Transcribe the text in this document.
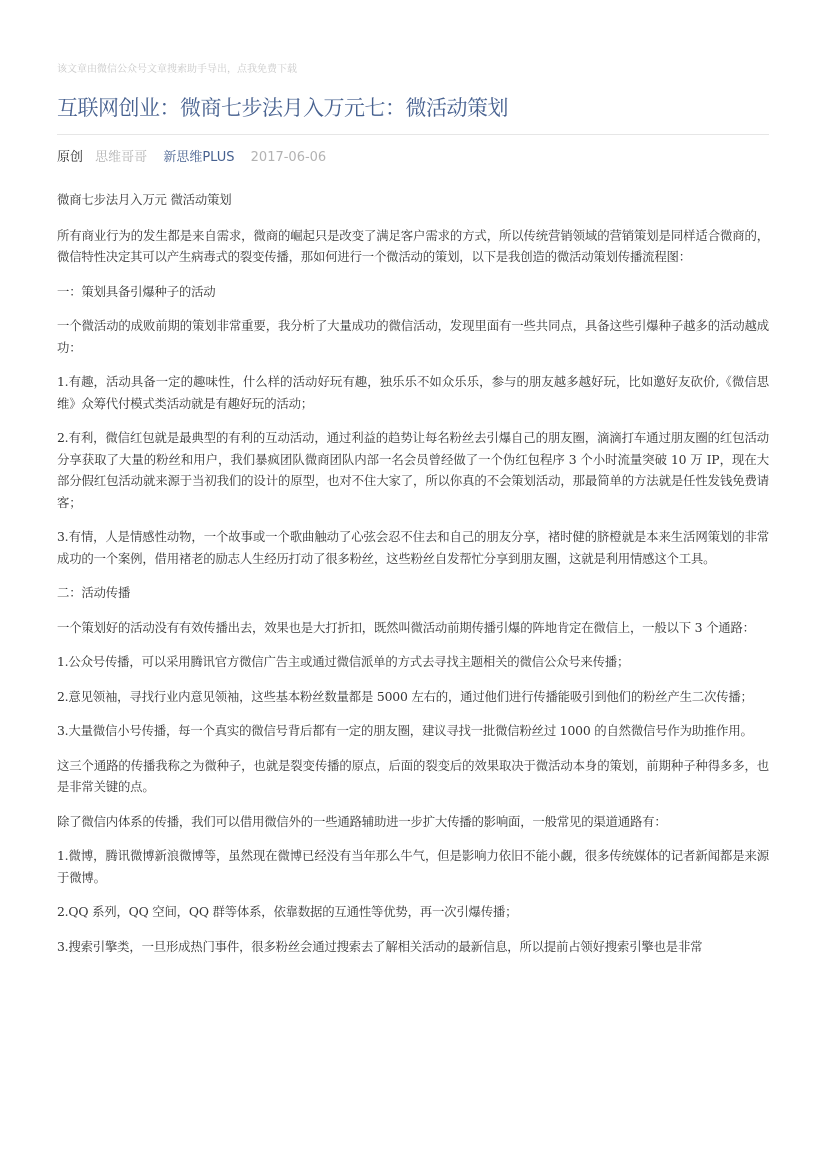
该文章由微信公众号文章搜索助手导出，点我免费下载
互联网创业：微商七步法月入万元七：微活动策划
原创 思维哥哥 新思维PLUS 2017-06-06

微商七步法月入万元 微活动策划

所有商业行为的发生都是来自需求，微商的崛起只是改变了满足客户需求的方式，所以传统营销领域的营销策划是同样适合微商的，微信特性决定其可以产生病毒式的裂变传播，那如何进行一个微活动的策划，以下是我创造的微活动策划传播流程图：

一：策划具备引爆种子的活动

一个微活动的成败前期的策划非常重要，我分析了大量成功的微信活动，发现里面有一些共同点，具备这些引爆种子越多的活动越成功：

1.有趣，活动具备一定的趣味性，什么样的活动好玩有趣，独乐乐不如众乐乐，参与的朋友越多越好玩，比如邀好友砍价,《微信思维》众筹代付模式类活动就是有趣好玩的活动；

2.有利，微信红包就是最典型的有利的互动活动，通过利益的趋势让每名粉丝去引爆自己的朋友圈，滴滴打车通过朋友圈的红包活动分享获取了大量的粉丝和用户，我们暴疯团队微商团队内部一名会员曾经做了一个伪红包程序 3 个小时流量突破 10 万 IP，现在大部分假红包活动就来源于当初我们的设计的原型，也对不住大家了，所以你真的不会策划活动，那最简单的方法就是任性发钱免费请客；

3.有情，人是情感性动物，一个故事或一个歌曲触动了心弦会忍不住去和自己的朋友分享，褚时健的脐橙就是本来生活网策划的非常成功的一个案例，借用褚老的励志人生经历打动了很多粉丝，这些粉丝自发帮忙分享到朋友圈，这就是利用情感这个工具。

二：活动传播

一个策划好的活动没有有效传播出去，效果也是大打折扣，既然叫微活动前期传播引爆的阵地肯定在微信上，一般以下 3 个通路：

1.公众号传播，可以采用腾讯官方微信广告主或通过微信派单的方式去寻找主题相关的微信公众号来传播；

2.意见领袖，寻找行业内意见领袖，这些基本粉丝数量都是 5000 左右的，通过他们进行传播能吸引到他们的粉丝产生二次传播；

3.大量微信小号传播，每一个真实的微信号背后都有一定的朋友圈，建议寻找一批微信粉丝过 1000 的自然微信号作为助推作用。

这三个通路的传播我称之为微种子，也就是裂变传播的原点，后面的裂变后的效果取决于微活动本身的策划，前期种子种得多多，也是非常关键的点。

除了微信内体系的传播，我们可以借用微信外的一些通路辅助进一步扩大传播的影响面，一般常见的渠道通路有：

1.微博，腾讯微博新浪微博等，虽然现在微博已经没有当年那么牛气，但是影响力依旧不能小觑，很多传统媒体的记者新闻都是来源于微博。

2.QQ 系列，QQ 空间，QQ 群等体系，依靠数据的互通性等优势，再一次引爆传播；

3.搜索引擎类，一旦形成热门事件，很多粉丝会通过搜索去了解相关活动的最新信息，所以提前占领好搜索引擎也是非常
